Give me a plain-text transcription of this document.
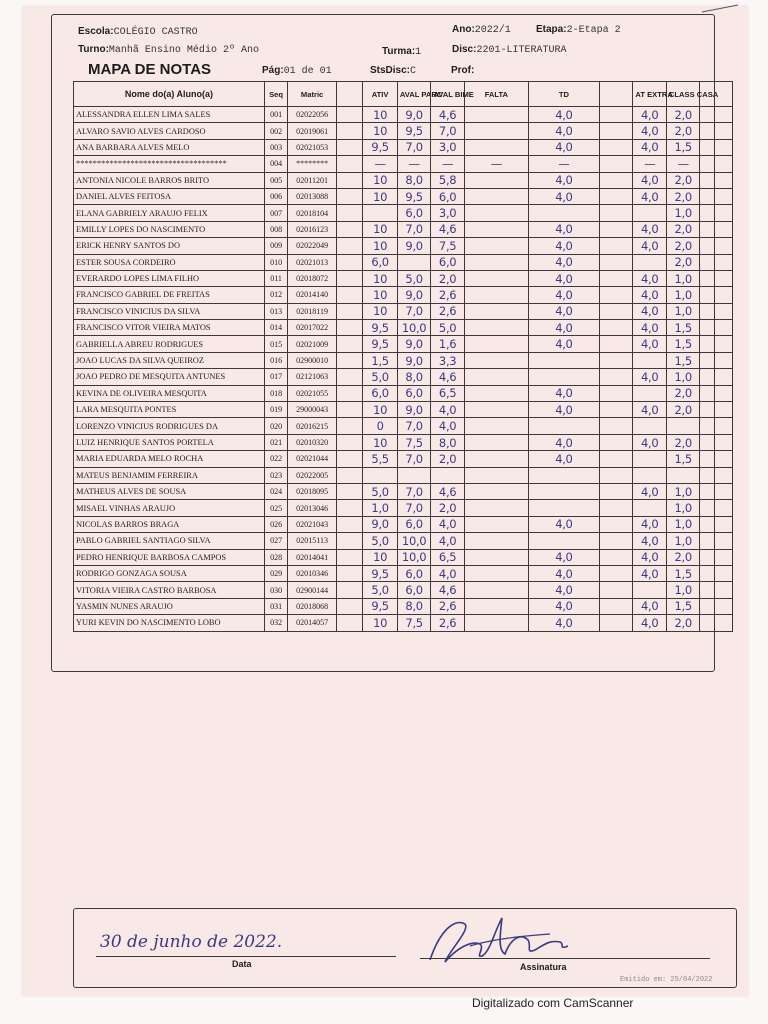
Escola:COLÉGIO CASTRO	Ano:2022/1	Etapa:2-Etapa 2
Turno:Manhã Ensino Médio 2º Ano	Turma:1	Disc:2201-LITERATURA
MAPA DE NOTAS	Pág:01 de 01	StsDisc:C	Prof:
Nome do(a) Aluno(a)	Seq	Matric		ATIV	AVAL PARC	AVAL BIME	FALTA	TD		AT EXTRA	CLASS CASA	
ALESSANDRA ELLEN LIMA SALES	001	02022056		10	9,0	4,6		4,0		4,0	2,0	
ALVARO SAVIO ALVES CARDOSO	002	02019061		10	9,5	7,0		4,0		4,0	2,0	
ANA BARBARA ALVES MELO	003	02021053		9,5	7,0	3,0		4,0		4,0	1,5	
************************************	004	********		—	—	—	—	—		—	—	
ANTONIA NICOLE BARROS BRITO	005	02011201		10	8,0	5,8		4,0		4,0	2,0	
DANIEL ALVES FEITOSA	006	02013088		10	9,5	6,0		4,0		4,0	2,0	
ELANA GABRIELY ARAUJO FELIX	007	02018104			6,0	3,0					1,0	
EMILLY LOPES DO NASCIMENTO	008	02016123		10	7,0	4,6		4,0		4,0	2,0	
ERICK HENRY SANTOS DO	009	02022049		10	9,0	7,5		4,0		4,0	2,0	
ESTER SOUSA CORDEIRO	010	02021013		6,0		6,0		4,0			2,0	
EVERARDO LOPES LIMA FILHO	011	02018072		10	5,0	2,0		4,0		4,0	1,0	
FRANCISCO GABRIEL DE FREITAS	012	02014140		10	9,0	2,6		4,0		4,0	1,0	
FRANCISCO VINICIUS DA SILVA	013	02018119		10	7,0	2,6		4,0		4,0	1,0	
FRANCISCO VITOR VIEIRA MATOS	014	02017022		9,5	10,0	5,0		4,0		4,0	1,5	
GABRIELLA ABREU RODRIGUES	015	02021009		9,5	9,0	1,6		4,0		4,0	1,5	
JOAO LUCAS DA SILVA QUEIROZ	016	02900010		1,5	9,0	3,3					1,5	
JOAO PEDRO DE MESQUITA ANTUNES	017	02121063		5,0	8,0	4,6				4,0	1,0	
KEVINA DE OLIVEIRA MESQUITA	018	02021055		6,0	6,0	6,5		4,0			2,0	
LARA MESQUITA PONTES	019	29000043		10	9,0	4,0		4,0		4,0	2,0	
LORENZO VINICIUS RODRIGUES DA	020	02016215		0	7,0	4,0						
LUIZ HENRIQUE SANTOS PORTELA	021	02010320		10	7,5	8,0		4,0		4,0	2,0	
MARIA EDUARDA MELO ROCHA	022	02021044		5,5	7,0	2,0		4,0			1,5	
MATEUS BENJAMIM FERREIRA	023	02022005										
MATHEUS ALVES DE SOUSA	024	02018095		5,0	7,0	4,6				4,0	1,0	
MISAEL VINHAS ARAUJO	025	02013046		1,0	7,0	2,0					1,0	
NICOLAS BARROS BRAGA	026	02021043		9,0	6,0	4,0		4,0		4,0	1,0	
PABLO GABRIEL SANTIAGO SILVA	027	02015113		5,0	10,0	4,0				4,0	1,0	
PEDRO HENRIQUE BARBOSA CAMPOS	028	02014041		10	10,0	6,5		4,0		4,0	2,0	
RODRIGO GONZAGA SOUSA	029	02010346		9,5	6,0	4,0		4,0		4,0	1,5	
VITORIA VIEIRA CASTRO BARBOSA	030	02900144		5,0	6,0	4,6		4,0			1,0	
YASMIN NUNES ARAUJO	031	02018068		9,5	8,0	2,6		4,0		4,0	1,5	
YURI KEVIN DO NASCIMENTO LOBO	032	02014057		10	7,5	2,6		4,0		4,0	2,0	
30 de junho de 2022.
Data	Assinatura
Emitido em: 25/04/2022
Digitalizado com CamScanner
